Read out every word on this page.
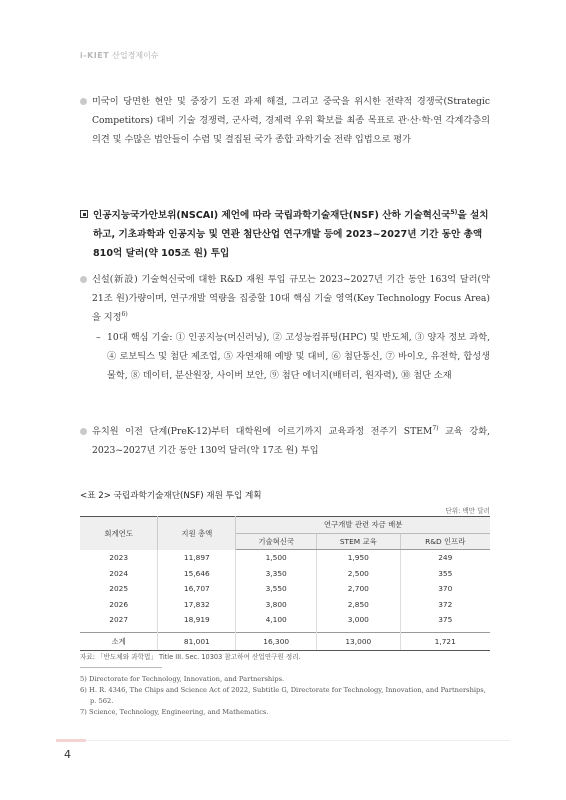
i-KIET 산업경제이슈
미국이 당면한 현안 및 중장기 도전 과제 해결, 그리고 중국을 위시한 전략적 경쟁국(Strategic Competitors) 대비 기술 경쟁력, 군사력, 경제력 우위 확보를 최종 목표로 관·산·학·연 각계각층의 의견 및 수많은 법안들이 수렴 및 결집된 국가 종합 과학기술 전략 입법으로 평가
인공지능국가안보위(NSCAI) 제언에 따라 국립과학기술재단(NSF) 산하 기술혁신국$^{5)}$을 설치하고, 기초과학과 인공지능 및 연관 첨단산업 연구개발 등에 2023~2027년 기간 동안 총액 810억 달러(약 105조 원) 투입
신설(新設) 기술혁신국에 대한 R&D 재원 투입 규모는 2023~2027년 기간 동안 163억 달러(약 21조 원)가량이며, 연구개발 역량을 집중할 10대 핵심 기술 영역(Key Technology Focus Area)을 지정$^{6)}$
– 10대 핵심 기술: ① 인공지능(머신러닝), ② 고성능컴퓨팅(HPC) 및 반도체, ③ 양자 정보 과학, ④ 로보틱스 및 첨단 제조업, ⑤ 자연재해 예방 및 대비, ⑥ 첨단통신, ⑦ 바이오, 유전학, 합성생물학, ⑧ 데이터, 분산원장, 사이버 보안, ⑨ 첨단 에너지(배터리, 원자력), ⑩ 첨단 소재
유치원 이전 단계(PreK-12)부터 대학원에 이르기까지 교육과정 전주기 STEM$^{7)}$ 교육 강화, 2023~2027년 기간 동안 130억 달러(약 17조 원) 투입
<표 2> 국립과학기술재단(NSF) 재원 투입 계획
단위: 백만 달러
회계연도	지원 총액	연구개발 관련 자금 배분		
		기술혁신국	STEM 교육	R&D 인프라
2023	11,897	1,500	1,950	249
2024	15,646	3,350	2,500	355
2025	16,707	3,550	2,700	370
2026	17,832	3,800	2,850	372
2027	18,919	4,100	3,000	375
소계	81,001	16,300	13,000	1,721
자료: 「반도체와 과학법」 Title III. Sec. 10303 참고하여 산업연구원 정리.
5) Directorate for Technology, Innovation, and Partnerships.
6) H. R. 4346, The Chips and Science Act of 2022, Subtitle G, Directorate for Technology, Innovation, and Partnerships, p. 562.
7) Science, Technology, Engineering, and Mathematics.
4
